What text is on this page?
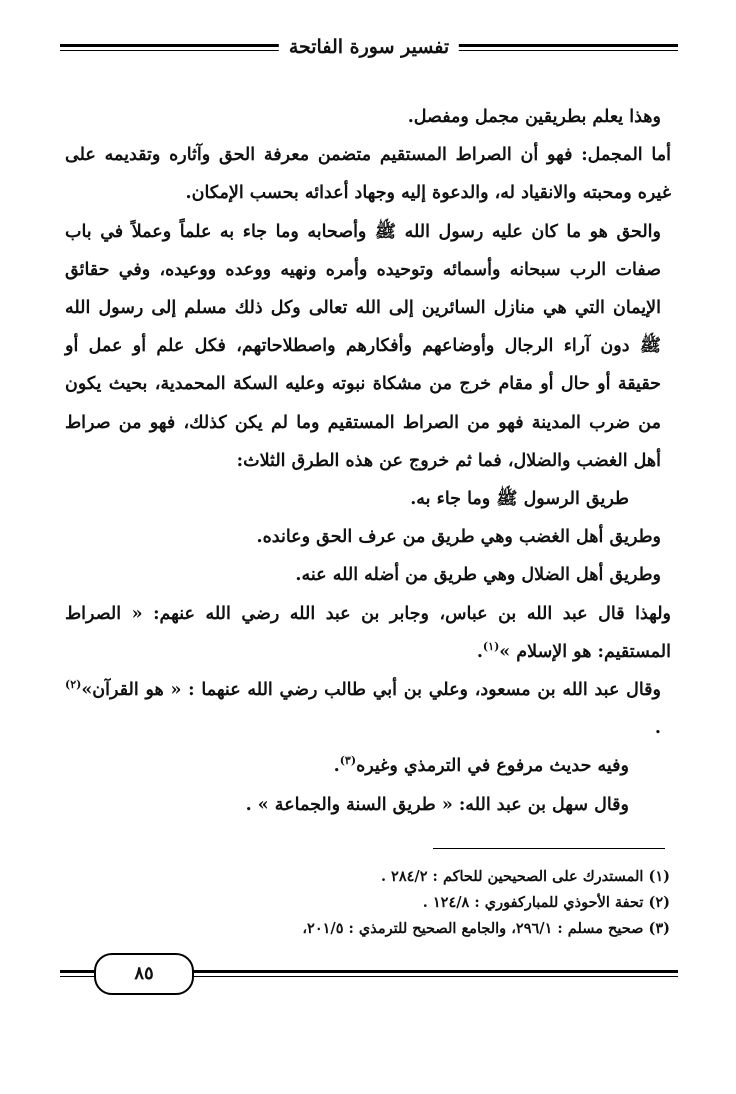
تفسير سورة الفاتحة

وهذا يعلم بطريقين مجمل ومفصل.

أما المجمل: فهو أن الصراط المستقيم متضمن معرفة الحق وآثاره وتقديمه على غيره ومحبته والانقياد له، والدعوة إليه وجهاد أعدائه بحسب الإمكان.

والحق هو ما كان عليه رسول الله ﷺ وأصحابه وما جاء به علماً وعملاً في باب صفات الرب سبحانه وأسمائه وتوحيده وأمره ونهيه ووعده ووعيده، وفي حقائق الإيمان التي هي منازل السائرين إلى الله تعالى وكل ذلك مسلم إلى رسول الله ﷺ دون آراء الرجال وأوضاعهم وأفكارهم واصطلاحاتهم، فكل علم أو عمل أو حقيقة أو حال أو مقام خرج من مشكاة نبوته وعليه السكة المحمدية، بحيث يكون من ضرب المدينة فهو من الصراط المستقيم وما لم يكن كذلك، فهو من صراط أهل الغضب والضلال، فما ثم خروج عن هذه الطرق الثلاث:

طريق الرسول ﷺ وما جاء به.

وطريق أهل الغضب وهي طريق من عرف الحق وعانده.

وطريق أهل الضلال وهي طريق من أضله الله عنه.

ولهذا قال عبد الله بن عباس، وجابر بن عبد الله رضي الله عنهم: « الصراط المستقيم: هو الإسلام »$^{(١)}$.

وقال عبد الله بن مسعود، وعلي بن أبي طالب رضي الله عنهما : « هو القرآن»$^{(٢)}$ .

وفيه حديث مرفوع في الترمذي وغيره$^{(٣)}$.

وقال سهل بن عبد الله: « طريق السنة والجماعة » .

(١) المستدرك على الصحيحين للحاكم : ٢٨٤/٢ .
(٢) تحفة الأحوذي للمباركفوري : ١٢٤/٨ .
(٣) صحيح مسلم : ٢٩٦/١، والجامع الصحيح للترمذي : ٢٠١/٥،
٨٥
